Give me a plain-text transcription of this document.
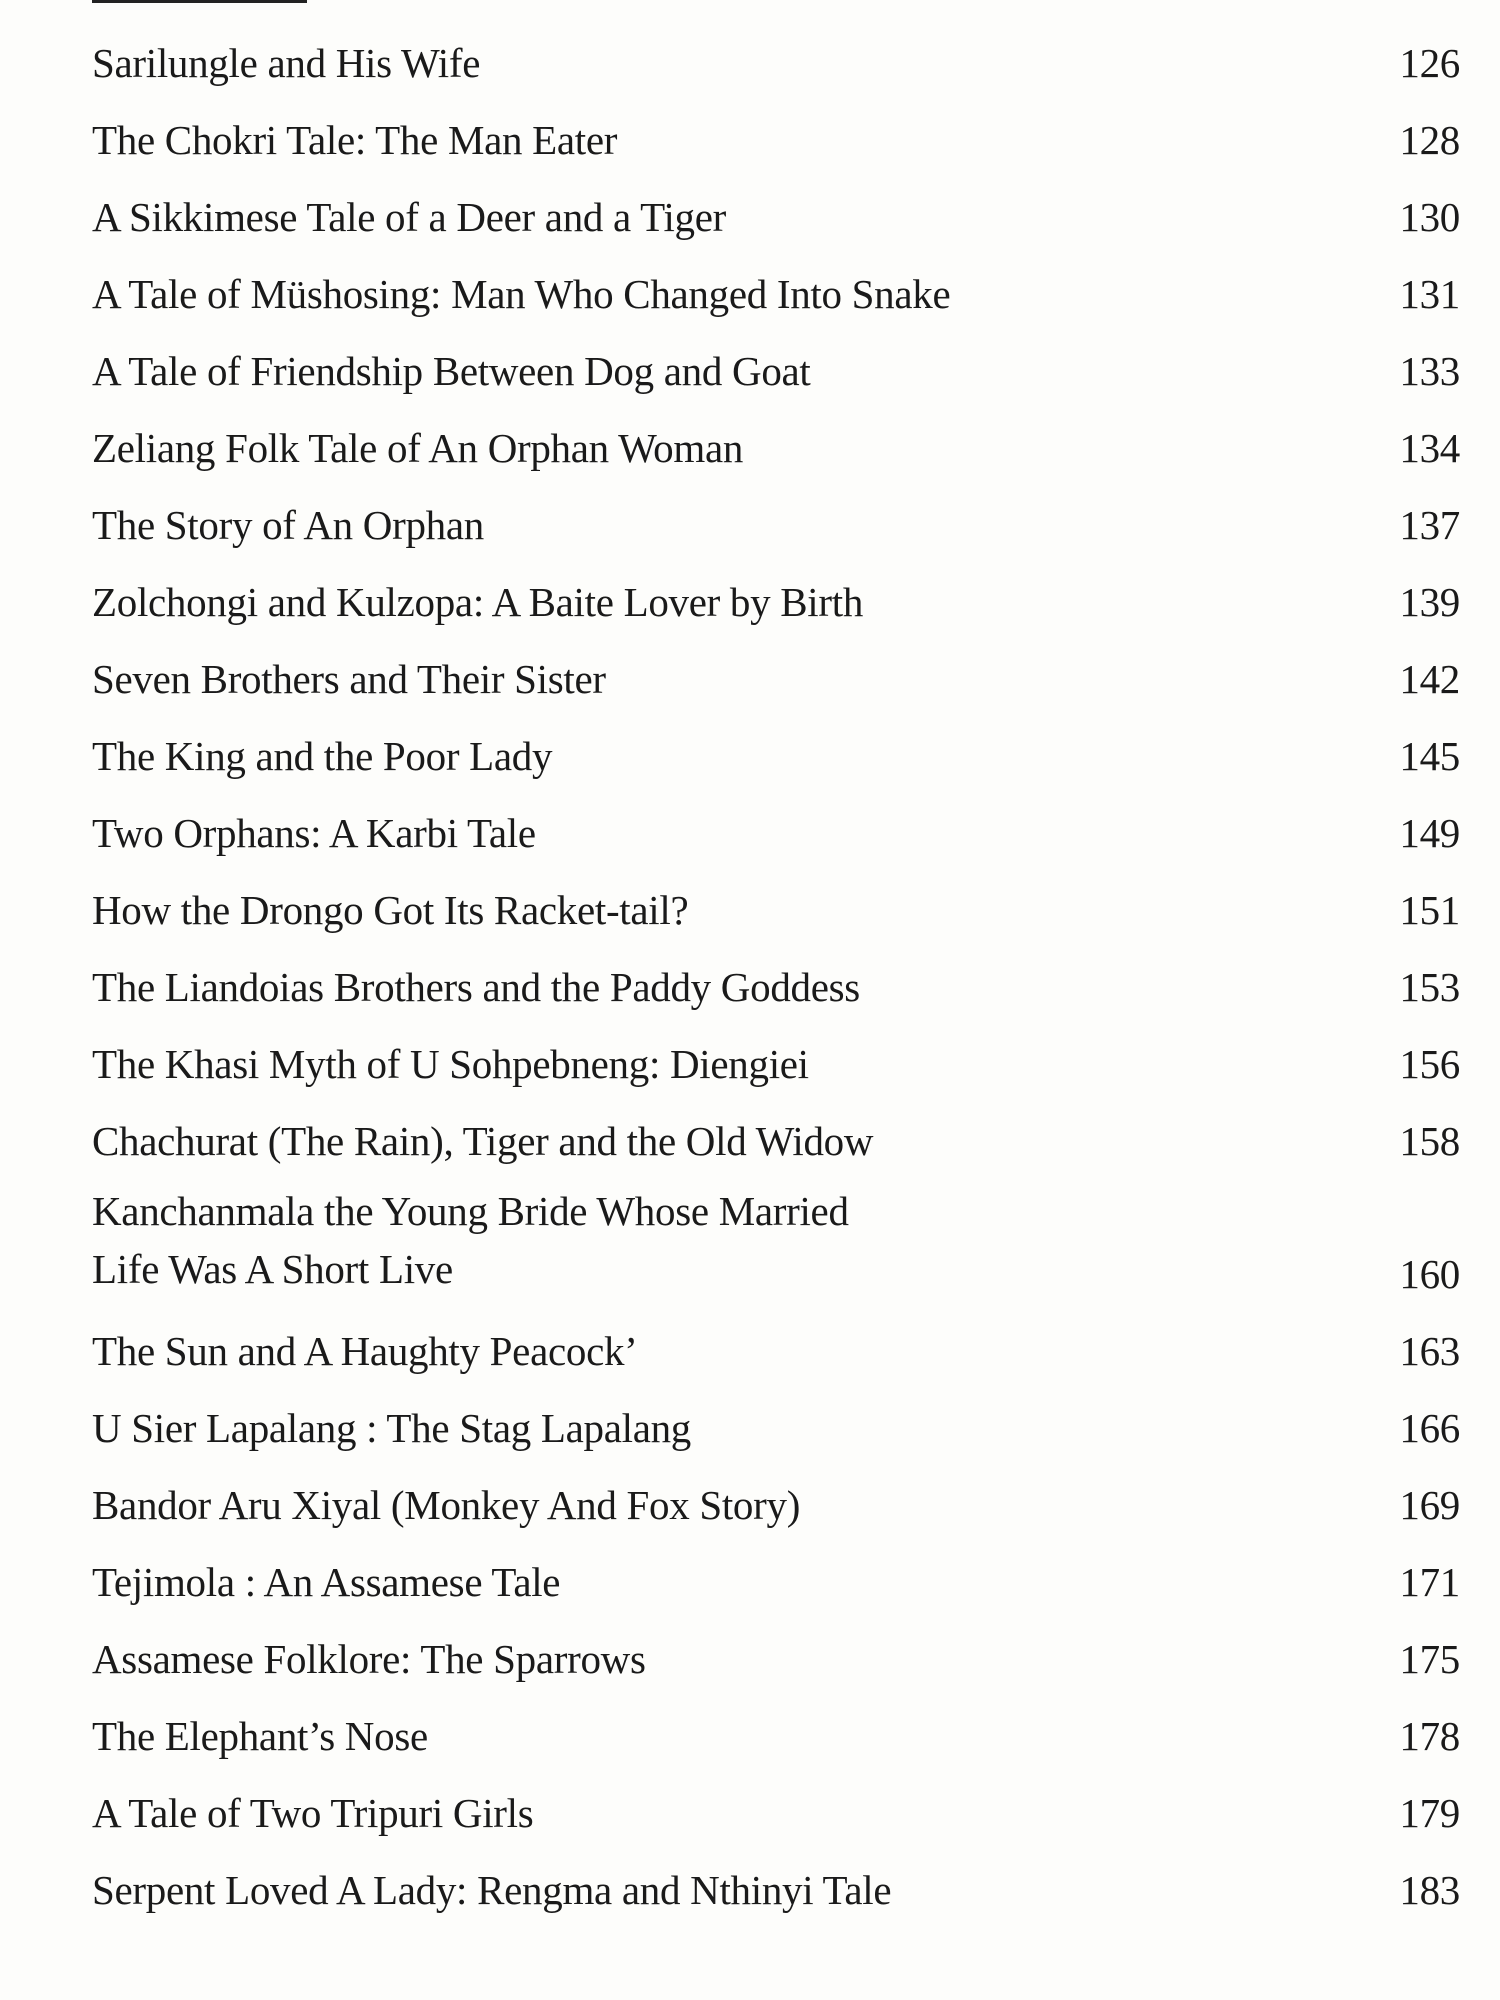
Sarilungle and His Wife	126
The Chokri Tale: The Man Eater	128
A Sikkimese Tale of a Deer and a Tiger	130
A Tale of Müshosing: Man Who Changed Into Snake	131
A Tale of Friendship Between Dog and Goat	133
Zeliang Folk Tale of An Orphan Woman	134
The Story of An Orphan	137
Zolchongi and Kulzopa: A Baite Lover by Birth	139
Seven Brothers and Their Sister	142
The King and the Poor Lady	145
Two Orphans: A Karbi Tale	149
How the Drongo Got Its Racket-tail?	151
The Liandoias Brothers and the Paddy Goddess	153
The Khasi Myth of U Sohpebneng: Diengiei	156
Chachurat (The Rain), Tiger and the Old Widow	158
Kanchanmala the Young Bride Whose Married
Life Was A Short Live	160
The Sun and A Haughty Peacock’	163
U Sier Lapalang : The Stag Lapalang	166
Bandor Aru Xiyal (Monkey And Fox Story)	169
Tejimola : An Assamese Tale	171
Assamese Folklore: The Sparrows	175
The Elephant’s Nose	178
A Tale of Two Tripuri Girls	179
Serpent Loved A Lady: Rengma and Nthinyi Tale	183
